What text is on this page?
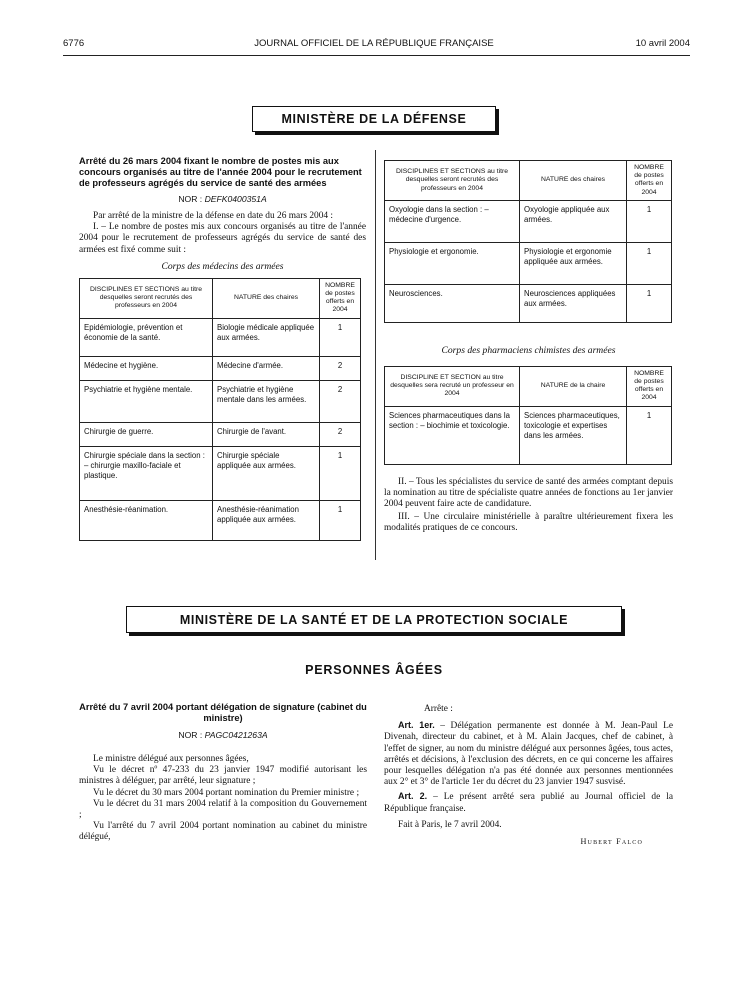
6776	JOURNAL OFFICIEL DE LA RÉPUBLIQUE FRANÇAISE	10 avril 2004
MINISTÈRE DE LA DÉFENSE
Arrêté du 26 mars 2004 fixant le nombre de postes mis aux concours organisés au titre de l'année 2004 pour le recrutement de professeurs agrégés du service de santé des armées
NOR : DEFK0400351A
Par arrêté de la ministre de la défense en date du 26 mars 2004 :
I. – Le nombre de postes mis aux concours organisés au titre de l'année 2004 pour le recrutement de professeurs agrégés du service de santé des armées est fixé comme suit :
Corps des médecins des armées
DISCIPLINES ET SECTIONS au titre desquelles seront recrutés des professeurs en 2004	NATURE des chaires	NOMBRE de postes offerts en 2004
Epidémiologie, prévention et économie de la santé.	Biologie médicale appliquée aux armées.	1
Médecine et hygiène.	Médecine d'armée.	2
Psychiatrie et hygiène mentale.	Psychiatrie et hygiène mentale dans les armées.	2
Chirurgie de guerre.	Chirurgie de l'avant.	2
Chirurgie spéciale dans la section : – chirurgie maxillo-faciale et plastique.	Chirurgie spéciale appliquée aux armées.	1
Anesthésie-réanimation.	Anesthésie-réanimation appliquée aux armées.	1
DISCIPLINES ET SECTIONS au titre desquelles seront recrutés des professeurs en 2004	NATURE des chaires	NOMBRE de postes offerts en 2004
Oxyologie dans la section : – médecine d'urgence.	Oxyologie appliquée aux armées.	1
Physiologie et ergonomie.	Physiologie et ergonomie appliquée aux armées.	1
Neurosciences.	Neurosciences appliquées aux armées.	1
Corps des pharmaciens chimistes des armées
DISCIPLINE ET SECTION au titre desquelles sera recruté un professeur en 2004	NATURE de la chaire	NOMBRE de postes offerts en 2004
Sciences pharmaceutiques dans la section : – biochimie et toxicologie.	Sciences pharmaceutiques, toxicologie et expertises dans les armées.	1
II. – Tous les spécialistes du service de santé des armées comptant depuis la nomination au titre de spécialiste quatre années de fonctions au 1er janvier 2004 peuvent faire acte de candidature.
III. – Une circulaire ministérielle à paraître ultérieurement fixera les modalités pratiques de ce concours.
MINISTÈRE DE LA SANTÉ ET DE LA PROTECTION SOCIALE
PERSONNES ÂGÉES
Arrêté du 7 avril 2004 portant délégation de signature (cabinet du ministre)
NOR : PAGC0421263A
Le ministre délégué aux personnes âgées,
Vu le décret nº 47-233 du 23 janvier 1947 modifié autorisant les ministres à déléguer, par arrêté, leur signature ;
Vu le décret du 30 mars 2004 portant nomination du Premier ministre ;
Vu le décret du 31 mars 2004 relatif à la composition du Gouvernement ;
Vu l'arrêté du 7 avril 2004 portant nomination au cabinet du ministre délégué,
Arrête :
Art. 1er. – Délégation permanente est donnée à M. Jean-Paul Le Divenah, directeur du cabinet, et à M. Alain Jacques, chef de cabinet, à l'effet de signer, au nom du ministre délégué aux personnes âgées, tous actes, arrêtés et décisions, à l'exclusion des décrets, en ce qui concerne les affaires pour lesquelles délégation n'a pas été donnée aux personnes mentionnées aux 2° et 3° de l'article 1er du décret du 23 janvier 1947 susvisé.
Art. 2. – Le présent arrêté sera publié au Journal officiel de la République française.
Fait à Paris, le 7 avril 2004.
Hubert Falco
